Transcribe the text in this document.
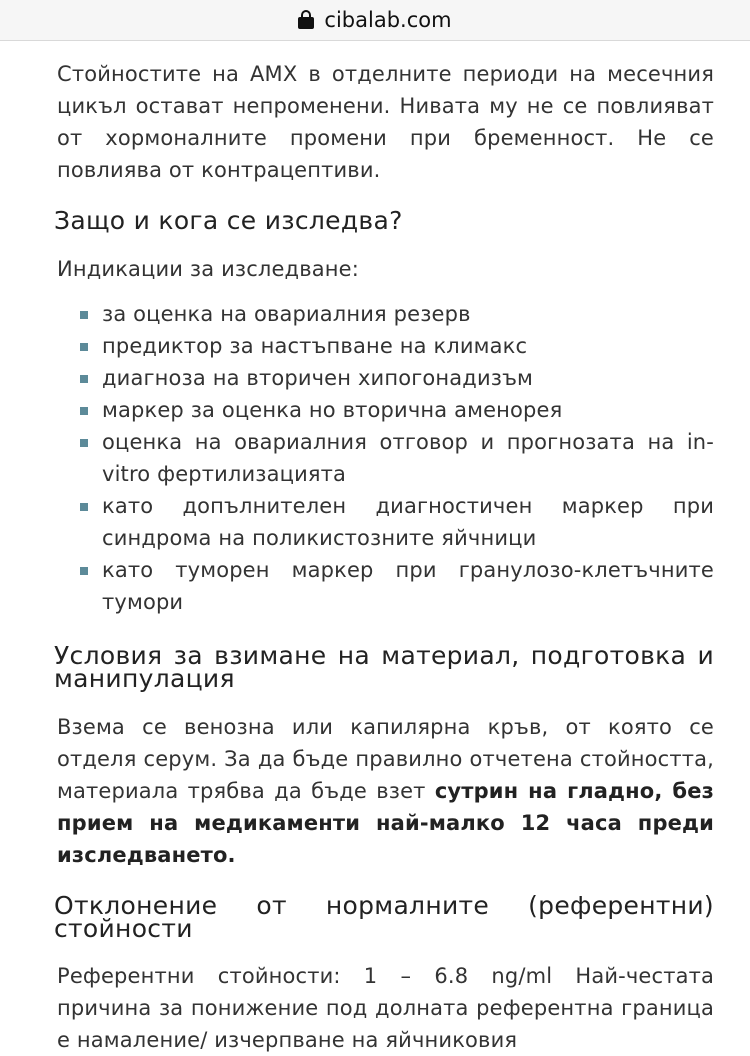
cibalab.com

Стойностите на АМХ в отделните периоди на месечния цикъл остават непроменени. Нивата му не се повлияват от хормоналните промени при бременност. Не се повлиява от контрацептиви.

Защо и кога се изследва?

Индикации за изследване:

за оценка на овариалния резерв
предиктор за настъпване на климакс
диагноза на вторичен хипогонадизъм
маркер за оценка но вторична аменорея
оценка на овариалния отговор и прогнозата на in-vitro фертилизацията
като допълнителен диагностичен маркер при синдрома на поликистозните яйчници
като туморен маркер при гранулозо-клетъчните тумори
Условия за взимане на материал, подготовка и манипулация

Взема се венозна или капилярна кръв, от която се отделя серум. За да бъде правилно отчетена стойността, материала трябва да бъде взет сутрин на гладно, без прием на медикаменти най-малко 12 часа преди изследването.

Отклонение от нормалните (референтни) стойности

Референтни стойности: 1 – 6.8 ng/ml Най-честата причина за понижение под долната референтна граница е намаление/ изчерпване на яйчниковия
